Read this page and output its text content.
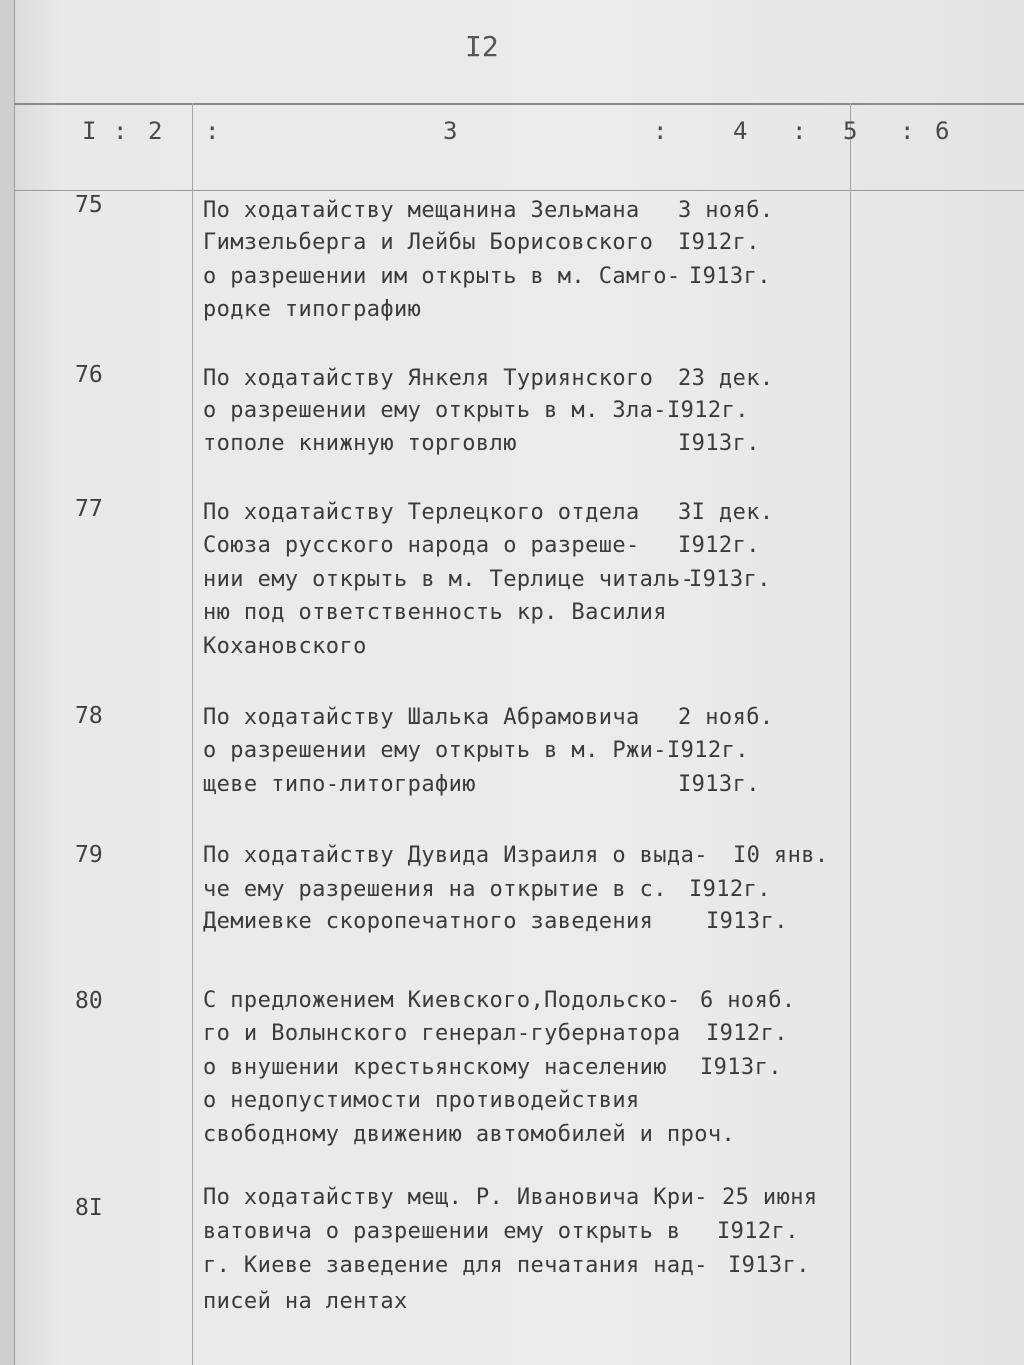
I2
I : 2 :	3	:	4 : 5 : 6
75	По ходатайству мещанина Зельмана
Гимзельберга и Лейбы Борисовского
о разрешении им открыть в м. Самго-
родке типографию
3 нояб.
I912г.
I913г.
76	По ходатайству Янкеля Туриянского
о разрешении ему открыть в м. Зла-
тополе книжную торговлю
23 дек.
I912г.
I913г.
77	По ходатайству Терлецкого отдела
Союза русского народа о разреше-
нии ему открыть в м. Терлице читаль-
ню под ответственность кр. Василия
Кохановского
3I дек.
I912г.
I913г.
78	По ходатайству Шалька Абрамовича
о разрешении ему открыть в м. Ржи-
щеве типо-литографию
2 нояб.
I912г.
I913г.
79	По ходатайству Дувида Израиля о выда-
че ему разрешения на открытие в с.
Демиевке скоропечатного заведения
I0 янв.
I912г.
I913г.
80	С предложением Киевского,Подольско-
го и Волынского генерал-губернатора
о внушении крестьянскому населению
о недопустимости противодействия
свободному движению автомобилей и проч.
6 нояб.
I912г.
I913г.
8I	По ходатайству мещ. Р. Ивановича Кри-
ватовича о разрешении ему открыть в
г. Киеве заведение для печатания над-
писей на лентах
25 июня
I912г.
I913г.
